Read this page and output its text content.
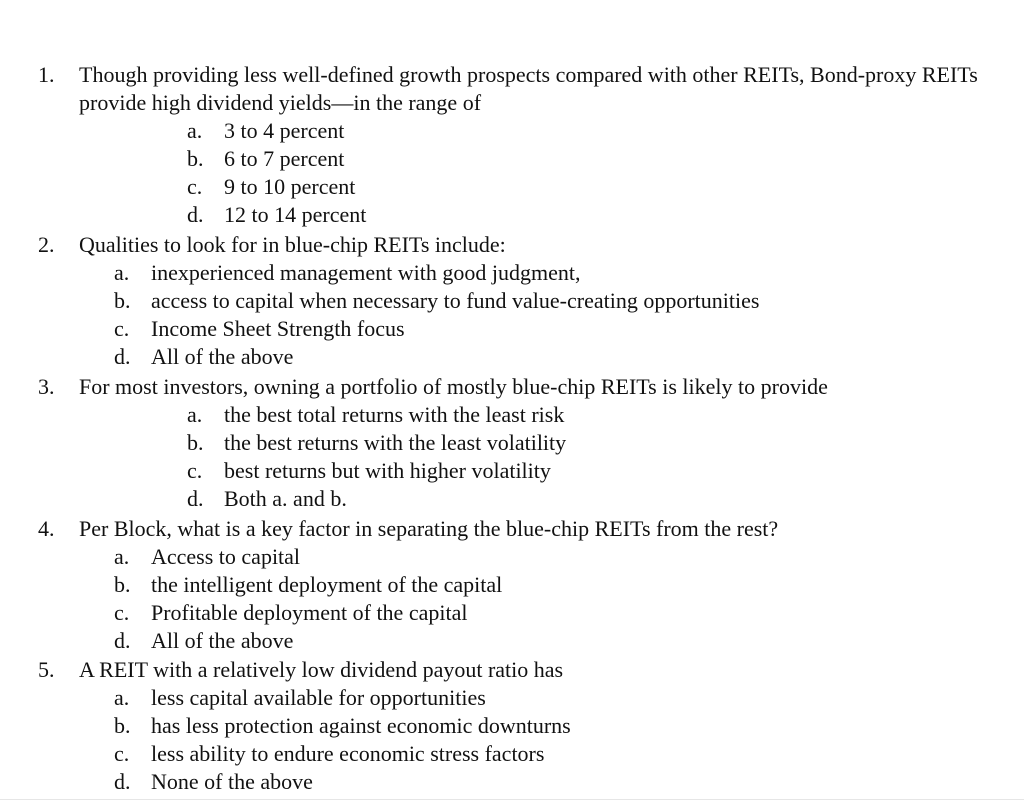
1.	Though providing less well-defined growth prospects compared with other REITs, Bond-proxy REITs provide high dividend yields—in the range of
a. 3 to 4 percent
b. 6 to 7 percent
c. 9 to 10 percent
d. 12 to 14 percent
2.	Qualities to look for in blue-chip REITs include:
a. inexperienced management with good judgment,
b. access to capital when necessary to fund value-creating opportunities
c. Income Sheet Strength focus
d. All of the above
3.	For most investors, owning a portfolio of mostly blue-chip REITs is likely to provide
a. the best total returns with the least risk
b. the best returns with the least volatility
c. best returns but with higher volatility
d. Both a. and b.
4.	Per Block, what is a key factor in separating the blue-chip REITs from the rest?
a. Access to capital
b. the intelligent deployment of the capital
c. Profitable deployment of the capital
d. All of the above
5.	A REIT with a relatively low dividend payout ratio has
a. less capital available for opportunities
b. has less protection against economic downturns
c. less ability to endure economic stress factors
d. None of the above
